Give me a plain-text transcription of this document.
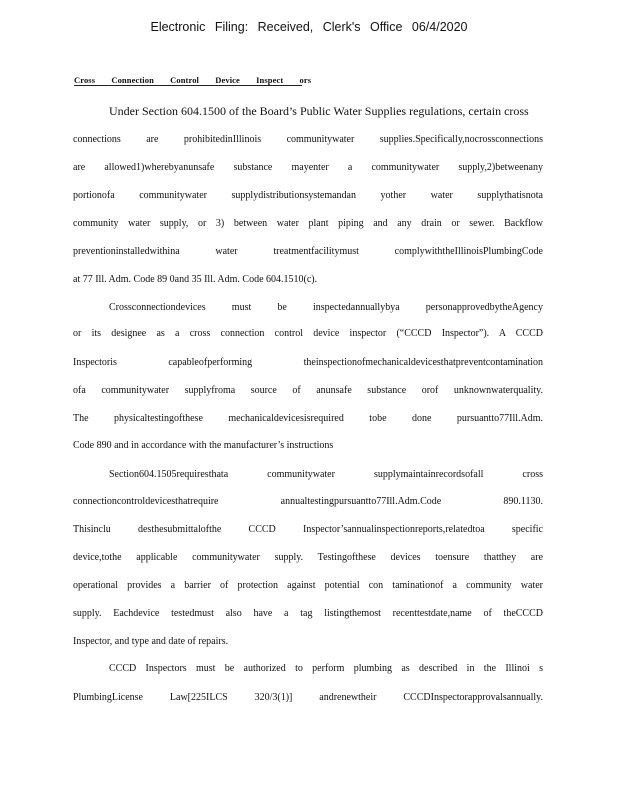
Electronic Filing: Received, Clerk's Office 06/4/2020
Cross Connection Control Device Inspect ors
Under Section 604.1500 of the Board’s Public Water Supplies regulations, certain cross
connections are prohibitedinIllinois communitywater supplies.Specifically,nocrossconnections
are allowed1)wherebyanunsafe substance mayenter a communitywater supply,2)betweenany
portionofa communitywater supplydistributionsystemandan yother water supplythatisnota
community water supply, or 3) between water plant piping and any drain or sewer. Backflow
preventioninstalledwithina water treatmentfacilitymust complywiththeIllinoisPlumbingCode
at 77 Ill. Adm. Code 89 0and 35 Ill. Adm. Code 604.1510(c).
Crossconnectiondevices must be inspectedannuallybya personapprovedbytheAgency
or its designee as a cross connection control device inspector (“CCCD Inspector”). A CCCD
Inspectoris capableofperforming theinspectionofmechanicaldevicesthatpreventcontamination
ofa communitywater supplyfroma source of anunsafe substance orof unknownwaterquality.
The physicaltestingofthese mechanicaldevicesisrequired tobe done pursuantto77Ill.Adm.
Code 890 and in accordance with the manufacturer’s instructions
Section604.1505requiresthata communitywater supplymaintainrecordsofall cross
connectioncontroldevicesthatrequire annualtestingpursuantto77Ill.Adm.Code 890.1130.
Thisinclu desthesubmittalofthe CCCD Inspector’sannualinspectionreports,relatedtoa specific
device,tothe applicable communitywater supply. Testingofthese devices toensure thatthey are
operational provides a barrier of protection against potential con taminationof a community water
supply. Eachdevice testedmust also have a tag listingthemost recenttestdate,name of theCCCD
Inspector, and type and date of repairs.
CCCD Inspectors must be authorized to perform plumbing as described in the Illinoi s
PlumbingLicense Law[225ILCS 320/3(1)] andrenewtheir CCCDInspectorapprovalsannually.
